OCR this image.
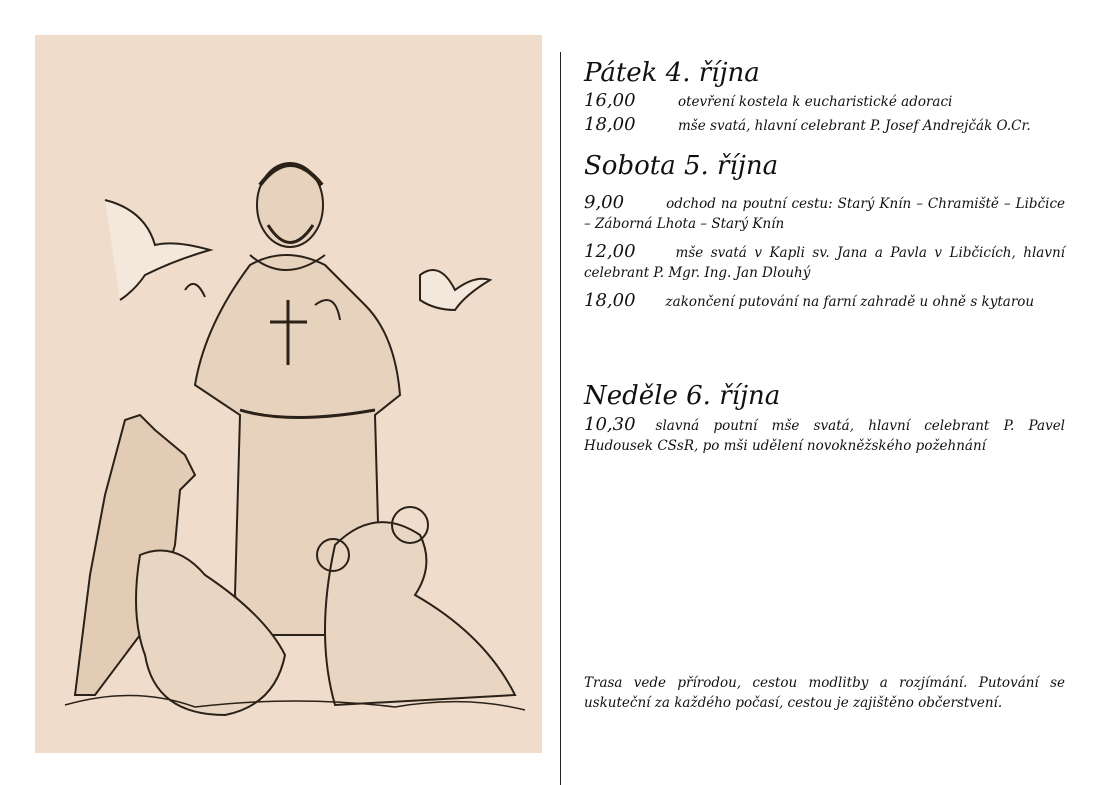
Pátek 4. října
16,00	otevření kostela k eucharistické adoraci
18,00	mše svatá, hlavní celebrant P. Josef Andrejčák O.Cr.
Sobota 5. října
9,00	odchod na poutní cestu: Starý Knín – Chramiště – Libčice – Záborná Lhota – Starý Knín
12,00	mše svatá v Kapli sv. Jana a Pavla v Libčicích, hlavní celebrant P. Mgr. Ing. Jan Dlouhý
18,00 zakončení putování na farní zahradě u ohně s kytarou
Neděle 6. října
10,30 slavná poutní mše svatá, hlavní celebrant P. Pavel Hudousek CSsR, po mši udělení novokněžského požehnání
Trasa vede přírodou, cestou modlitby a rozjímání. Putování se uskuteční za každého počasí, cestou je zajištěno občerstvení.
